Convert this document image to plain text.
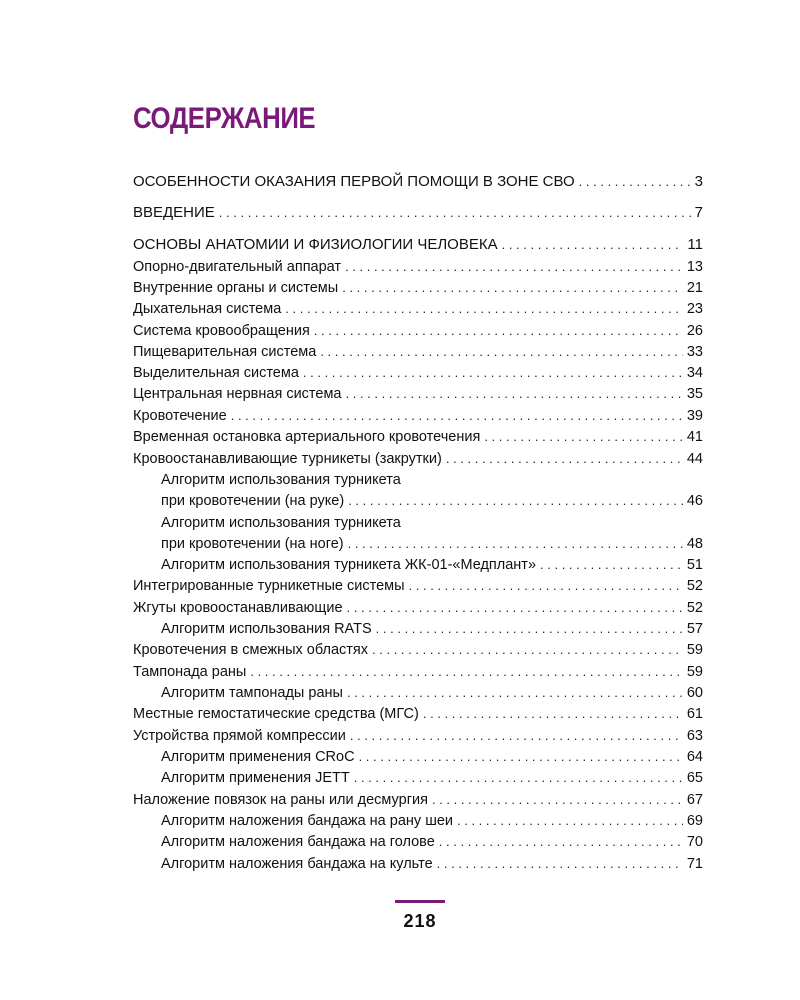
СОДЕРЖАНИЕ
ОСОБЕННОСТИ ОКАЗАНИЯ ПЕРВОЙ ПОМОЩИ В ЗОНЕ СВО . . .	3
ВВЕДЕНИЕ . . .	7
ОСНОВЫ АНАТОМИИ И ФИЗИОЛОГИИ ЧЕЛОВЕКА . . .	11
Опорно-двигательный аппарат . . .	13
Внутренние органы и системы . . .	21
Дыхательная система . . .	23
Система кровообращения . . .	26
Пищеварительная система . . .	33
Выделительная система . . .	34
Центральная нервная система . . .	35
Кровотечение . . .	39
Временная остановка артериального кровотечения . . .	41
Кровоостанавливающие турникеты (закрутки) . . .	44
Алгоритм использования турникета
при кровотечении (на руке) . . .	46
Алгоритм использования турникета
при кровотечении (на ноге) . . .	48
Алгоритм использования турникета ЖК-01-«Медплант» . . .	51
Интегрированные турникетные системы . . .	52
Жгуты кровоостанавливающие . . .	52
Алгоритм использования RATS . . .	57
Кровотечения в смежных областях . . .	59
Тампонада раны . . .	59
Алгоритм тампонады раны . . .	60
Местные гемостатические средства (МГС) . . .	61
Устройства прямой компрессии . . .	63
Алгоритм применения CRoC . . .	64
Алгоритм применения JETT . . .	65
Наложение повязок на раны или десмургия . . .	67
Алгоритм наложения бандажа на рану шеи . . .	69
Алгоритм наложения бандажа на голове . . .	70
Алгоритм наложения бандажа на культе . . .	71
218
